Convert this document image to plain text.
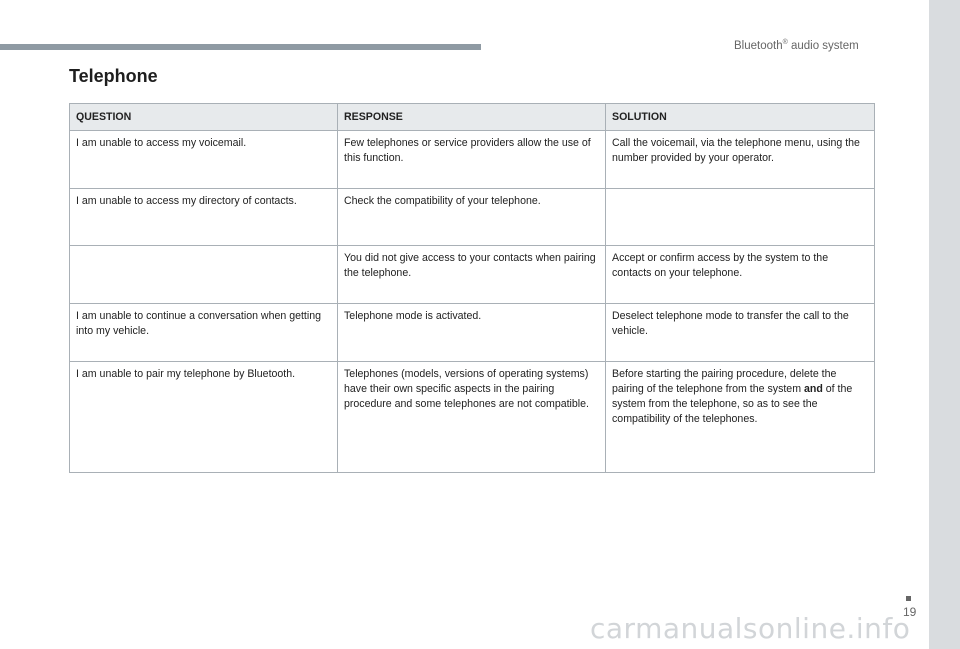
Bluetooth® audio system
Telephone
QUESTION	RESPONSE	SOLUTION
I am unable to access my voicemail.	Few telephones or service providers allow the use of this function.	Call the voicemail, via the telephone menu, using the number provided by your operator.
I am unable to access my directory of contacts.	Check the compatibility of your telephone.	
	You did not give access to your contacts when pairing the telephone.	Accept or confirm access by the system to the contacts on your telephone.
I am unable to continue a conversation when getting into my vehicle.	Telephone mode is activated.	Deselect telephone mode to transfer the call to the vehicle.
I am unable to pair my telephone by Bluetooth.	Telephones (models, versions of operating systems) have their own specific aspects in the pairing procedure and some telephones are not compatible.	Before starting the pairing procedure, delete the pairing of the telephone from the system and of the system from the telephone, so as to see the compatibility of the telephones.
19
carmanualsonline.info
